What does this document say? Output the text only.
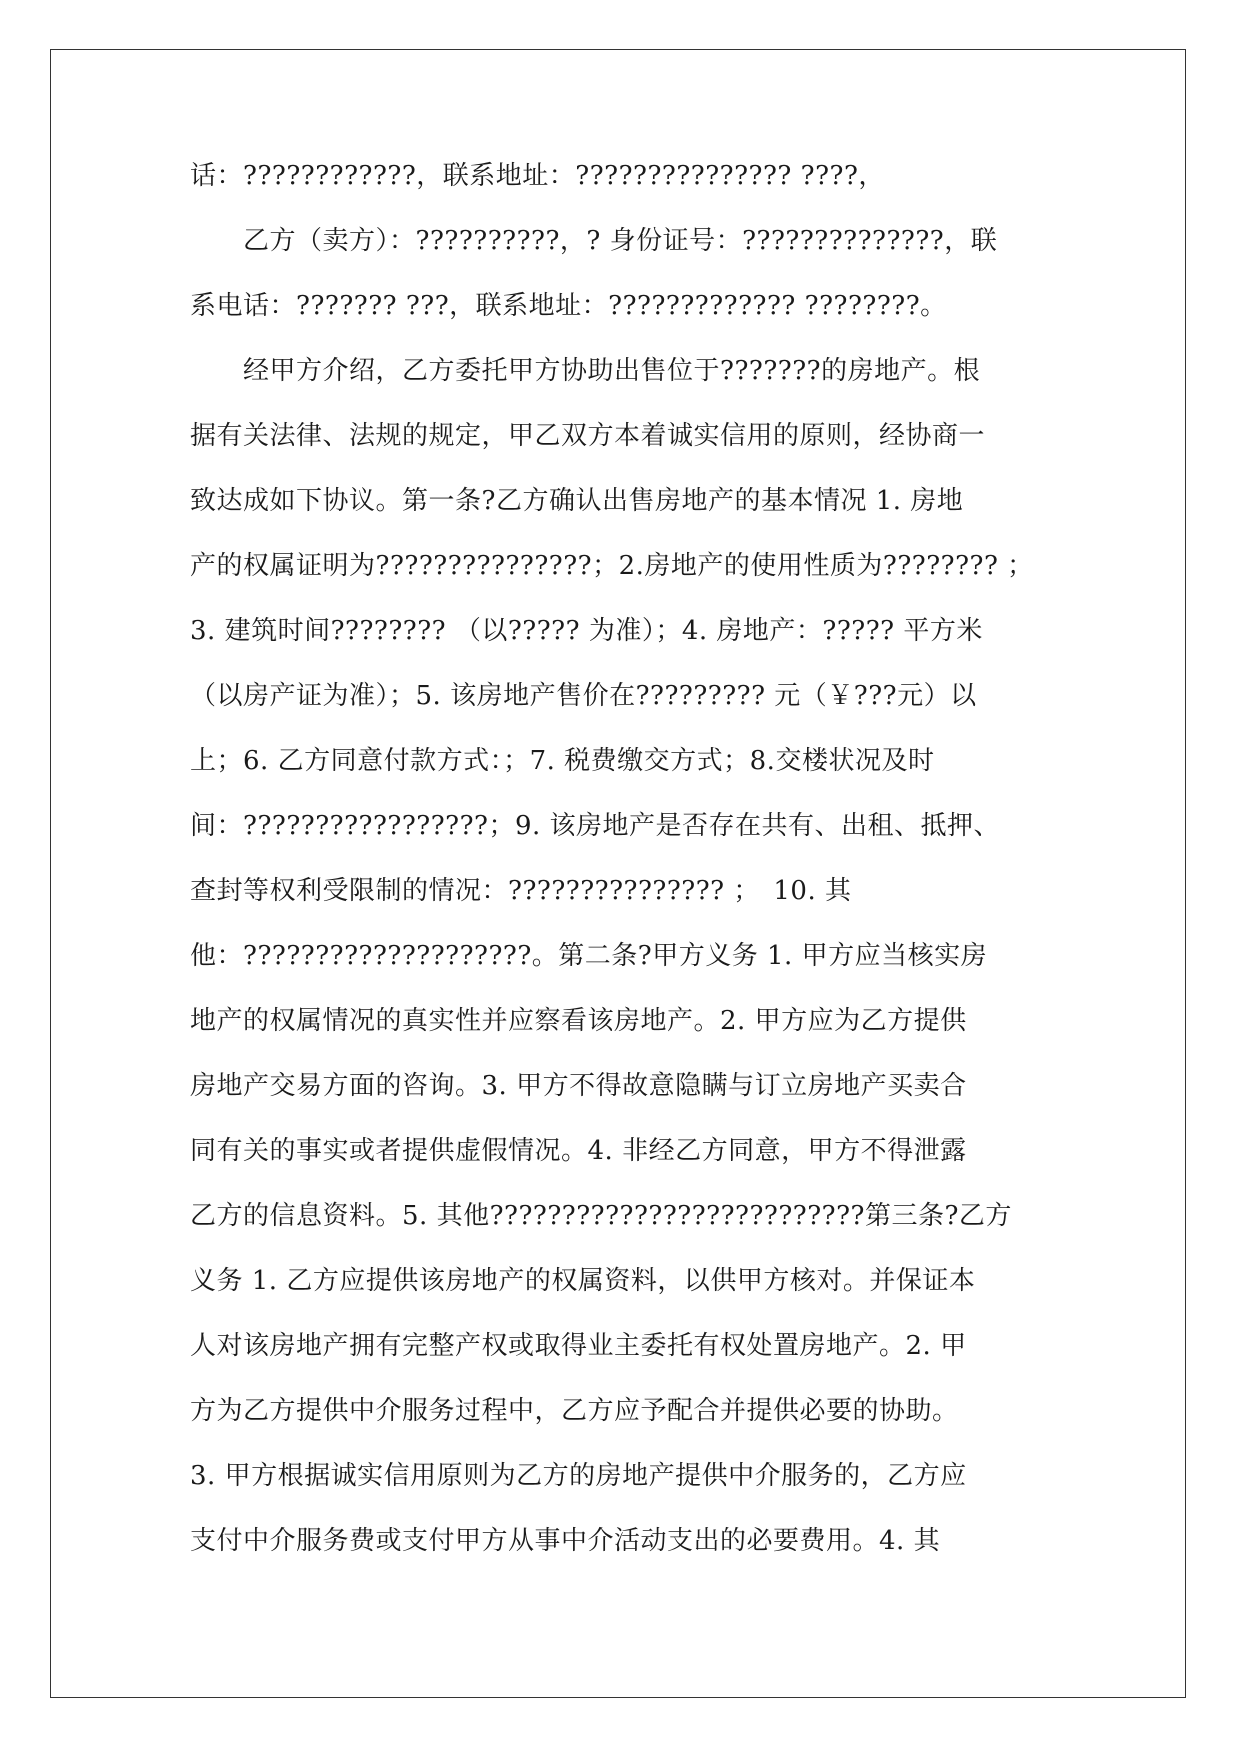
话：????????????，联系地址：??????????????? ????，
　　乙方（卖方）：??????????，? 身份证号：??????????????，联
系电话：??????? ???，联系地址：????????????? ????????。
　　经甲方介绍，乙方委托甲方协助出售位于???????的房地产。根
据有关法律、法规的规定，甲乙双方本着诚实信用的原则，经协商一
致达成如下协议。第一条?乙方确认出售房地产的基本情况 1. 房地
产的权属证明为???????????????；2.房地产的使用性质为???????? ；
3. 建筑时间???????? （以????? 为准）；4. 房地产：????? 平方米
（以房产证为准）；5. 该房地产售价在????????? 元（￥???元）以
上；6. 乙方同意付款方式：；7. 税费缴交方式；8.交楼状况及时
间：?????????????????；9. 该房地产是否存在共有、出租、抵押、
查封等权利受限制的情况：??????????????? ；　10. 其
他：????????????????????。第二条?甲方义务 1. 甲方应当核实房
地产的权属情况的真实性并应察看该房地产。2. 甲方应为乙方提供
房地产交易方面的咨询。3. 甲方不得故意隐瞒与订立房地产买卖合
同有关的事实或者提供虚假情况。4. 非经乙方同意，甲方不得泄露
乙方的信息资料。5. 其他??????????????????????????第三条?乙方
义务 1. 乙方应提供该房地产的权属资料，以供甲方核对。并保证本
人对该房地产拥有完整产权或取得业主委托有权处置房地产。2. 甲
方为乙方提供中介服务过程中，乙方应予配合并提供必要的协助。
3. 甲方根据诚实信用原则为乙方的房地产提供中介服务的，乙方应
支付中介服务费或支付甲方从事中介活动支出的必要费用。4. 其
